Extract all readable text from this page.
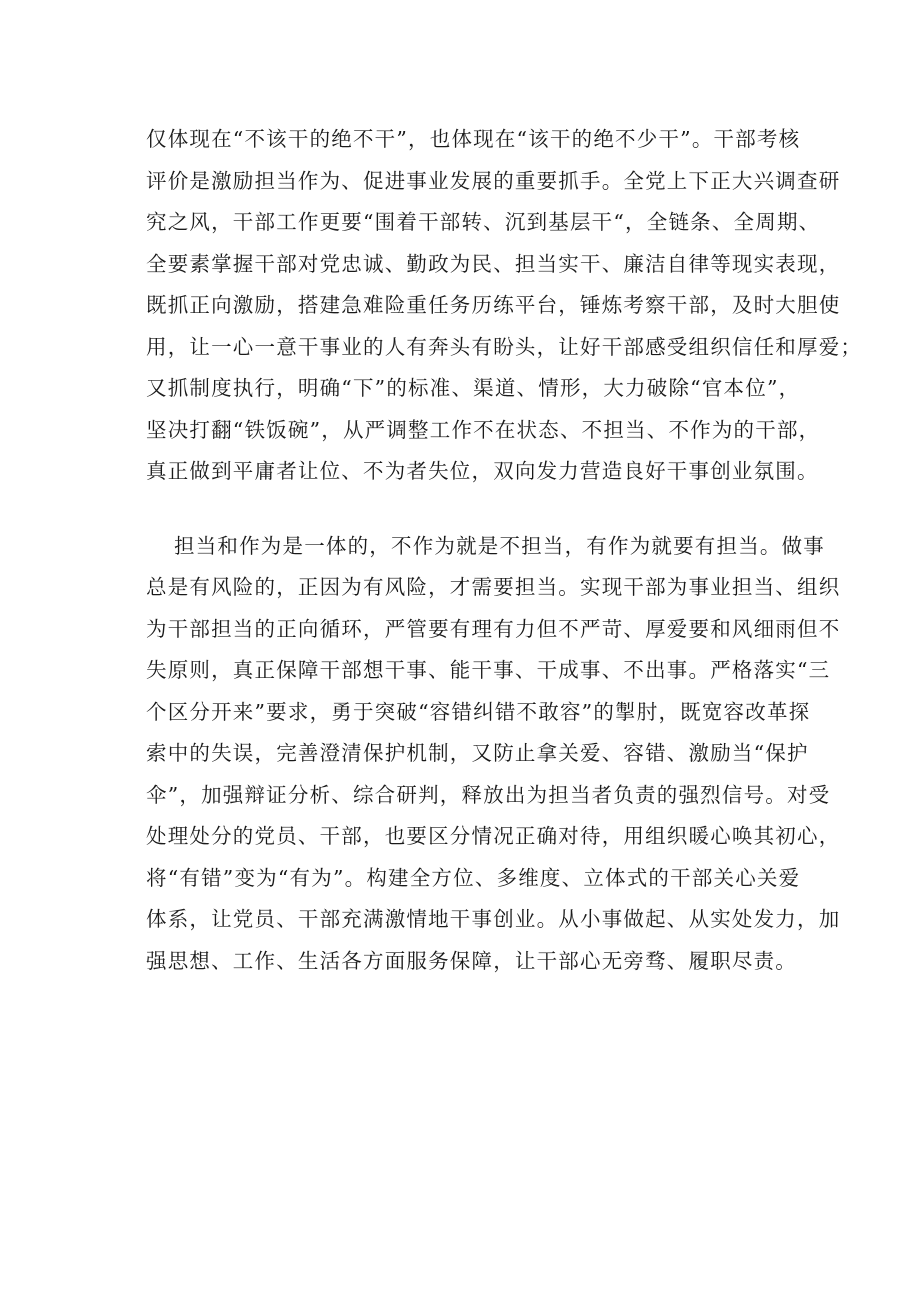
仅体现在“不该干的绝不干”，也体现在“该干的绝不少干”。干部考核
评价是激励担当作为、促进事业发展的重要抓手。全党上下正大兴调查研
究之风，干部工作更要“围着干部转、沉到基层干“，全链条、全周期、
全要素掌握干部对党忠诚、勤政为民、担当实干、廉洁自律等现实表现，
既抓正向激励，搭建急难险重任务历练平台，锤炼考察干部，及时大胆使
用，让一心一意干事业的人有奔头有盼头，让好干部感受组织信任和厚爱；
又抓制度执行，明确“下”的标准、渠道、情形，大力破除“官本位”，
坚决打翻“铁饭碗”，从严调整工作不在状态、不担当、不作为的干部，
真正做到平庸者让位、不为者失位，双向发力营造良好干事创业氛围。
担当和作为是一体的，不作为就是不担当，有作为就要有担当。做事
总是有风险的，正因为有风险，才需要担当。实现干部为事业担当、组织
为干部担当的正向循环，严管要有理有力但不严苛、厚爱要和风细雨但不
失原则，真正保障干部想干事、能干事、干成事、不出事。严格落实“三
个区分开来”要求，勇于突破“容错纠错不敢容”的掣肘，既宽容改革探
索中的失误，完善澄清保护机制，又防止拿关爱、容错、激励当“保护
伞”，加强辩证分析、综合研判，释放出为担当者负责的强烈信号。对受
处理处分的党员、干部，也要区分情况正确对待，用组织暖心唤其初心，
将“有错”变为“有为”。构建全方位、多维度、立体式的干部关心关爱
体系，让党员、干部充满激情地干事创业。从小事做起、从实处发力，加
强思想、工作、生活各方面服务保障，让干部心无旁骛、履职尽责。
